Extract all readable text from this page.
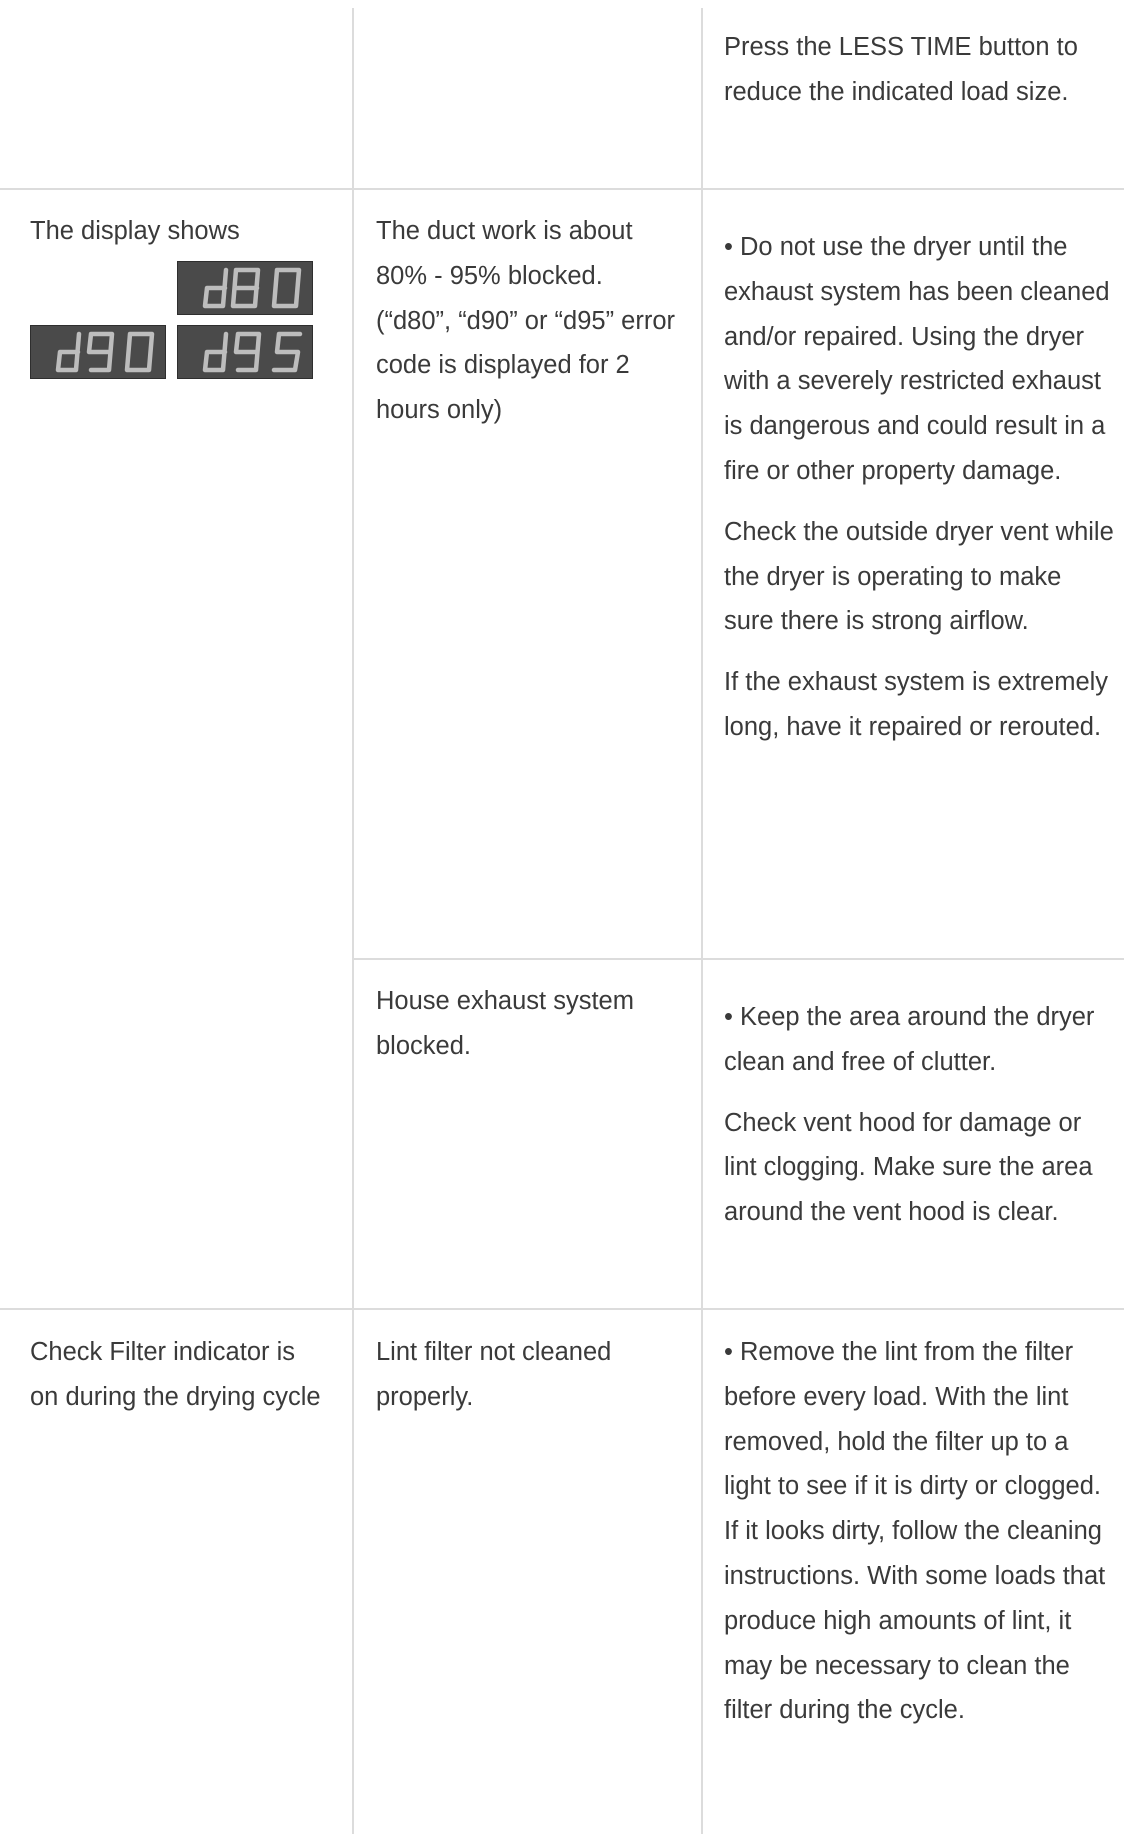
Press the LESS TIME button to reduce the indicated load size.

The display shows	The duct work is about 80% - 95% blocked. (“d80”, “d90” or “d95” error code is displayed for 2 hours only)

• Do not use the dryer until the exhaust system has been cleaned and/or repaired. Using the dryer with a severely restricted exhaust is dangerous and could result in a fire or other property damage.

Check the outside dryer vent while the dryer is operating to make sure there is strong airflow.

If the exhaust system is extremely long, have it repaired or rerouted.

House exhaust system blocked.

• Keep the area around the dryer clean and free of clutter.

Check vent hood for damage or lint clogging. Make sure the area around the vent hood is clear.

Check Filter indicator is on during the drying cycle

Lint filter not cleaned properly.

• Remove the lint from the filter before every load. With the lint removed, hold the filter up to a light to see if it is dirty or clogged. If it looks dirty, follow the cleaning instructions. With some loads that produce high amounts of lint, it may be necessary to clean the filter during the cycle.
